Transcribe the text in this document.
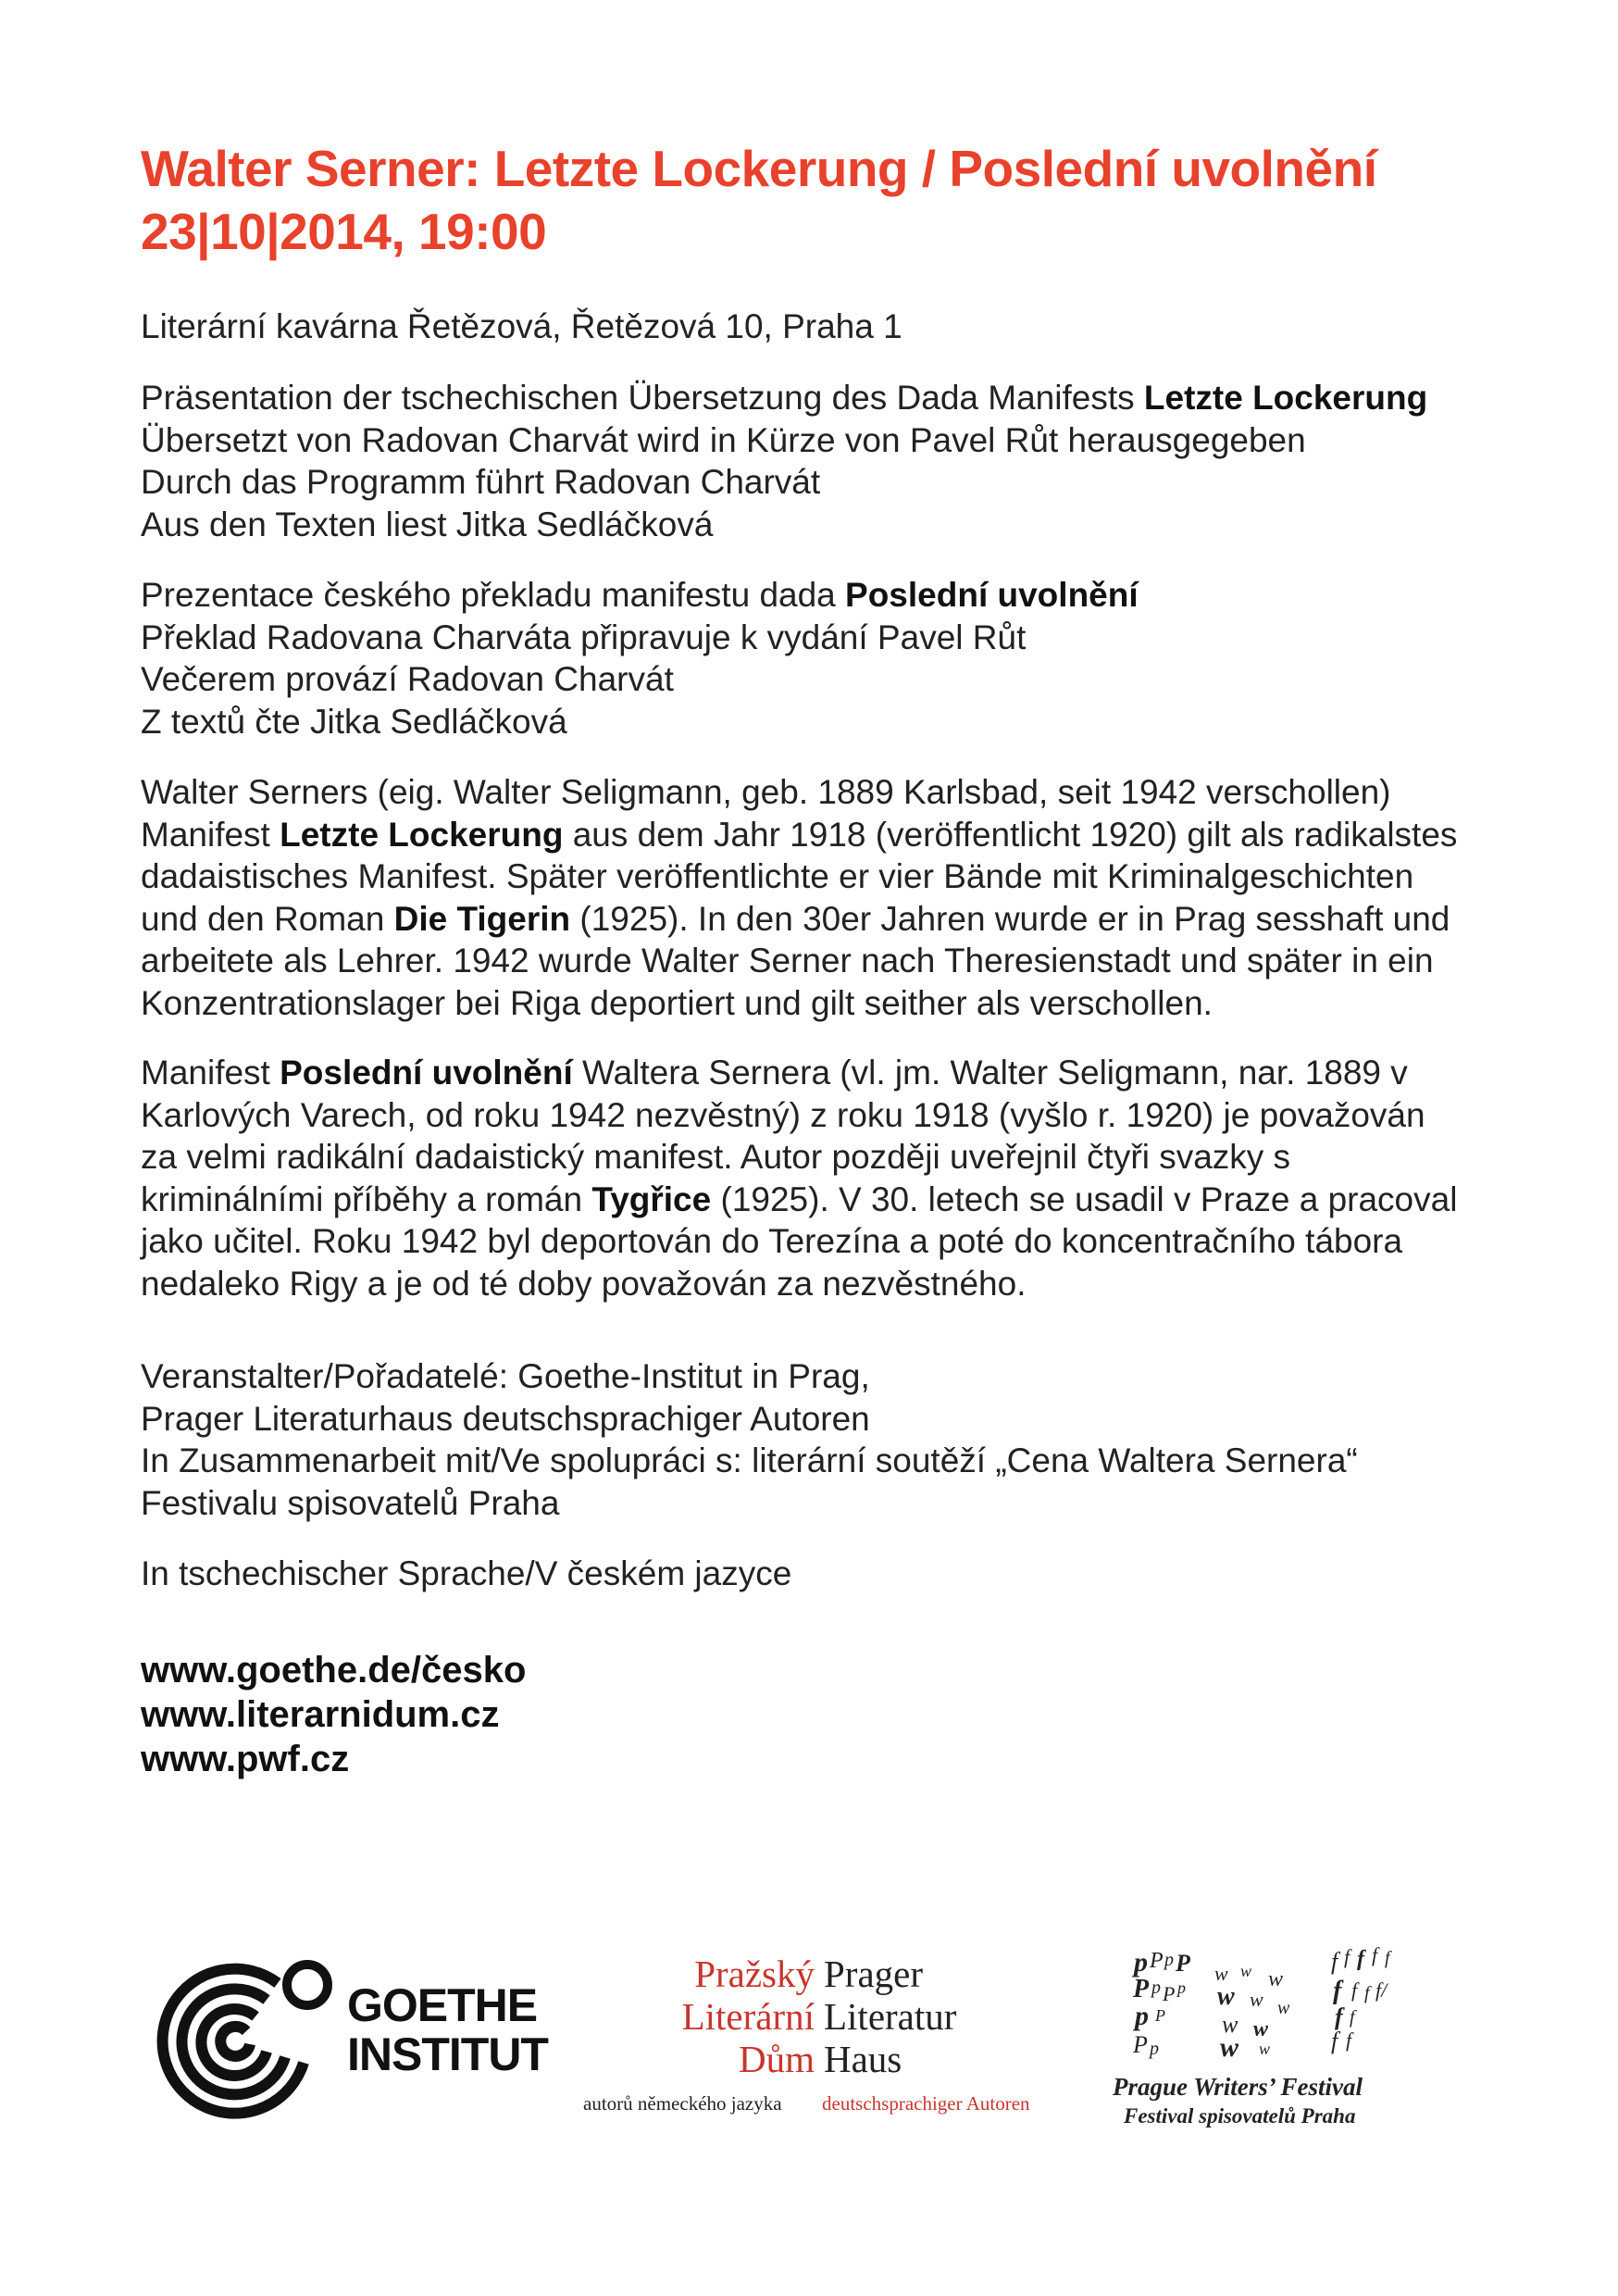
Walter Serner: Letzte Lockerung / Poslední uvolnění
23|10|2014, 19:00
Literární kavárna Řetězová, Řetězová 10, Praha 1
Präsentation der tschechischen Übersetzung des Dada Manifests Letzte Lockerung
Übersetzt von Radovan Charvát wird in Kürze von Pavel Růt herausgegeben
Durch das Programm führt Radovan Charvát
Aus den Texten liest Jitka Sedláčková
Prezentace českého překladu manifestu dada Poslední uvolnění
Překlad Radovana Charváta připravuje k vydání Pavel Růt
Večerem provází Radovan Charvát
Z textů čte Jitka Sedláčková
Walter Serners (eig. Walter Seligmann, geb. 1889 Karlsbad, seit 1942 verschollen)
Manifest Letzte Lockerung aus dem Jahr 1918 (veröffentlicht 1920) gilt als radikalstes
dadaistisches Manifest. Später veröffentlichte er vier Bände mit Kriminalgeschichten
und den Roman Die Tigerin (1925). In den 30er Jahren wurde er in Prag sesshaft und
arbeitete als Lehrer. 1942 wurde Walter Serner nach Theresienstadt und später in ein
Konzentrationslager bei Riga deportiert und gilt seither als verschollen.
Manifest Poslední uvolnění Waltera Sernera (vl. jm. Walter Seligmann, nar. 1889 v
Karlových Varech, od roku 1942 nezvěstný) z roku 1918 (vyšlo r. 1920) je považován
za velmi radikální dadaistický manifest. Autor později uveřejnil čtyři svazky s
kriminálními příběhy a román Tygřice (1925). V 30. letech se usadil v Praze a pracoval
jako učitel. Roku 1942 byl deportován do Terezína a poté do koncentračního tábora
nedaleko Rigy a je od té doby považován za nezvěstného.
Veranstalter/Pořadatelé: Goethe-Institut in Prag,
Prager Literaturhaus deutschsprachiger Autoren
In Zusammenarbeit mit/Ve spolupráci s: literární soutěží „Cena Waltera Sernera“
Festivalu spisovatelů Praha
In tschechischer Sprache/V českém jazyce
www.goethe.de/česko
www.literarnidum.cz
www.pwf.cz
GOETHE
INSTITUT
Pražský
Literární
Dům
Prager
Literatur
Haus
autorů německého jazyka deutschsprachiger Autoren
p P p P
P p P p
p P
P p
w w w
w w w
w w
w w
f f f f f
f f f f/
f f
f f
Prague Writers’ Festival
Festival spisovatelů Praha
